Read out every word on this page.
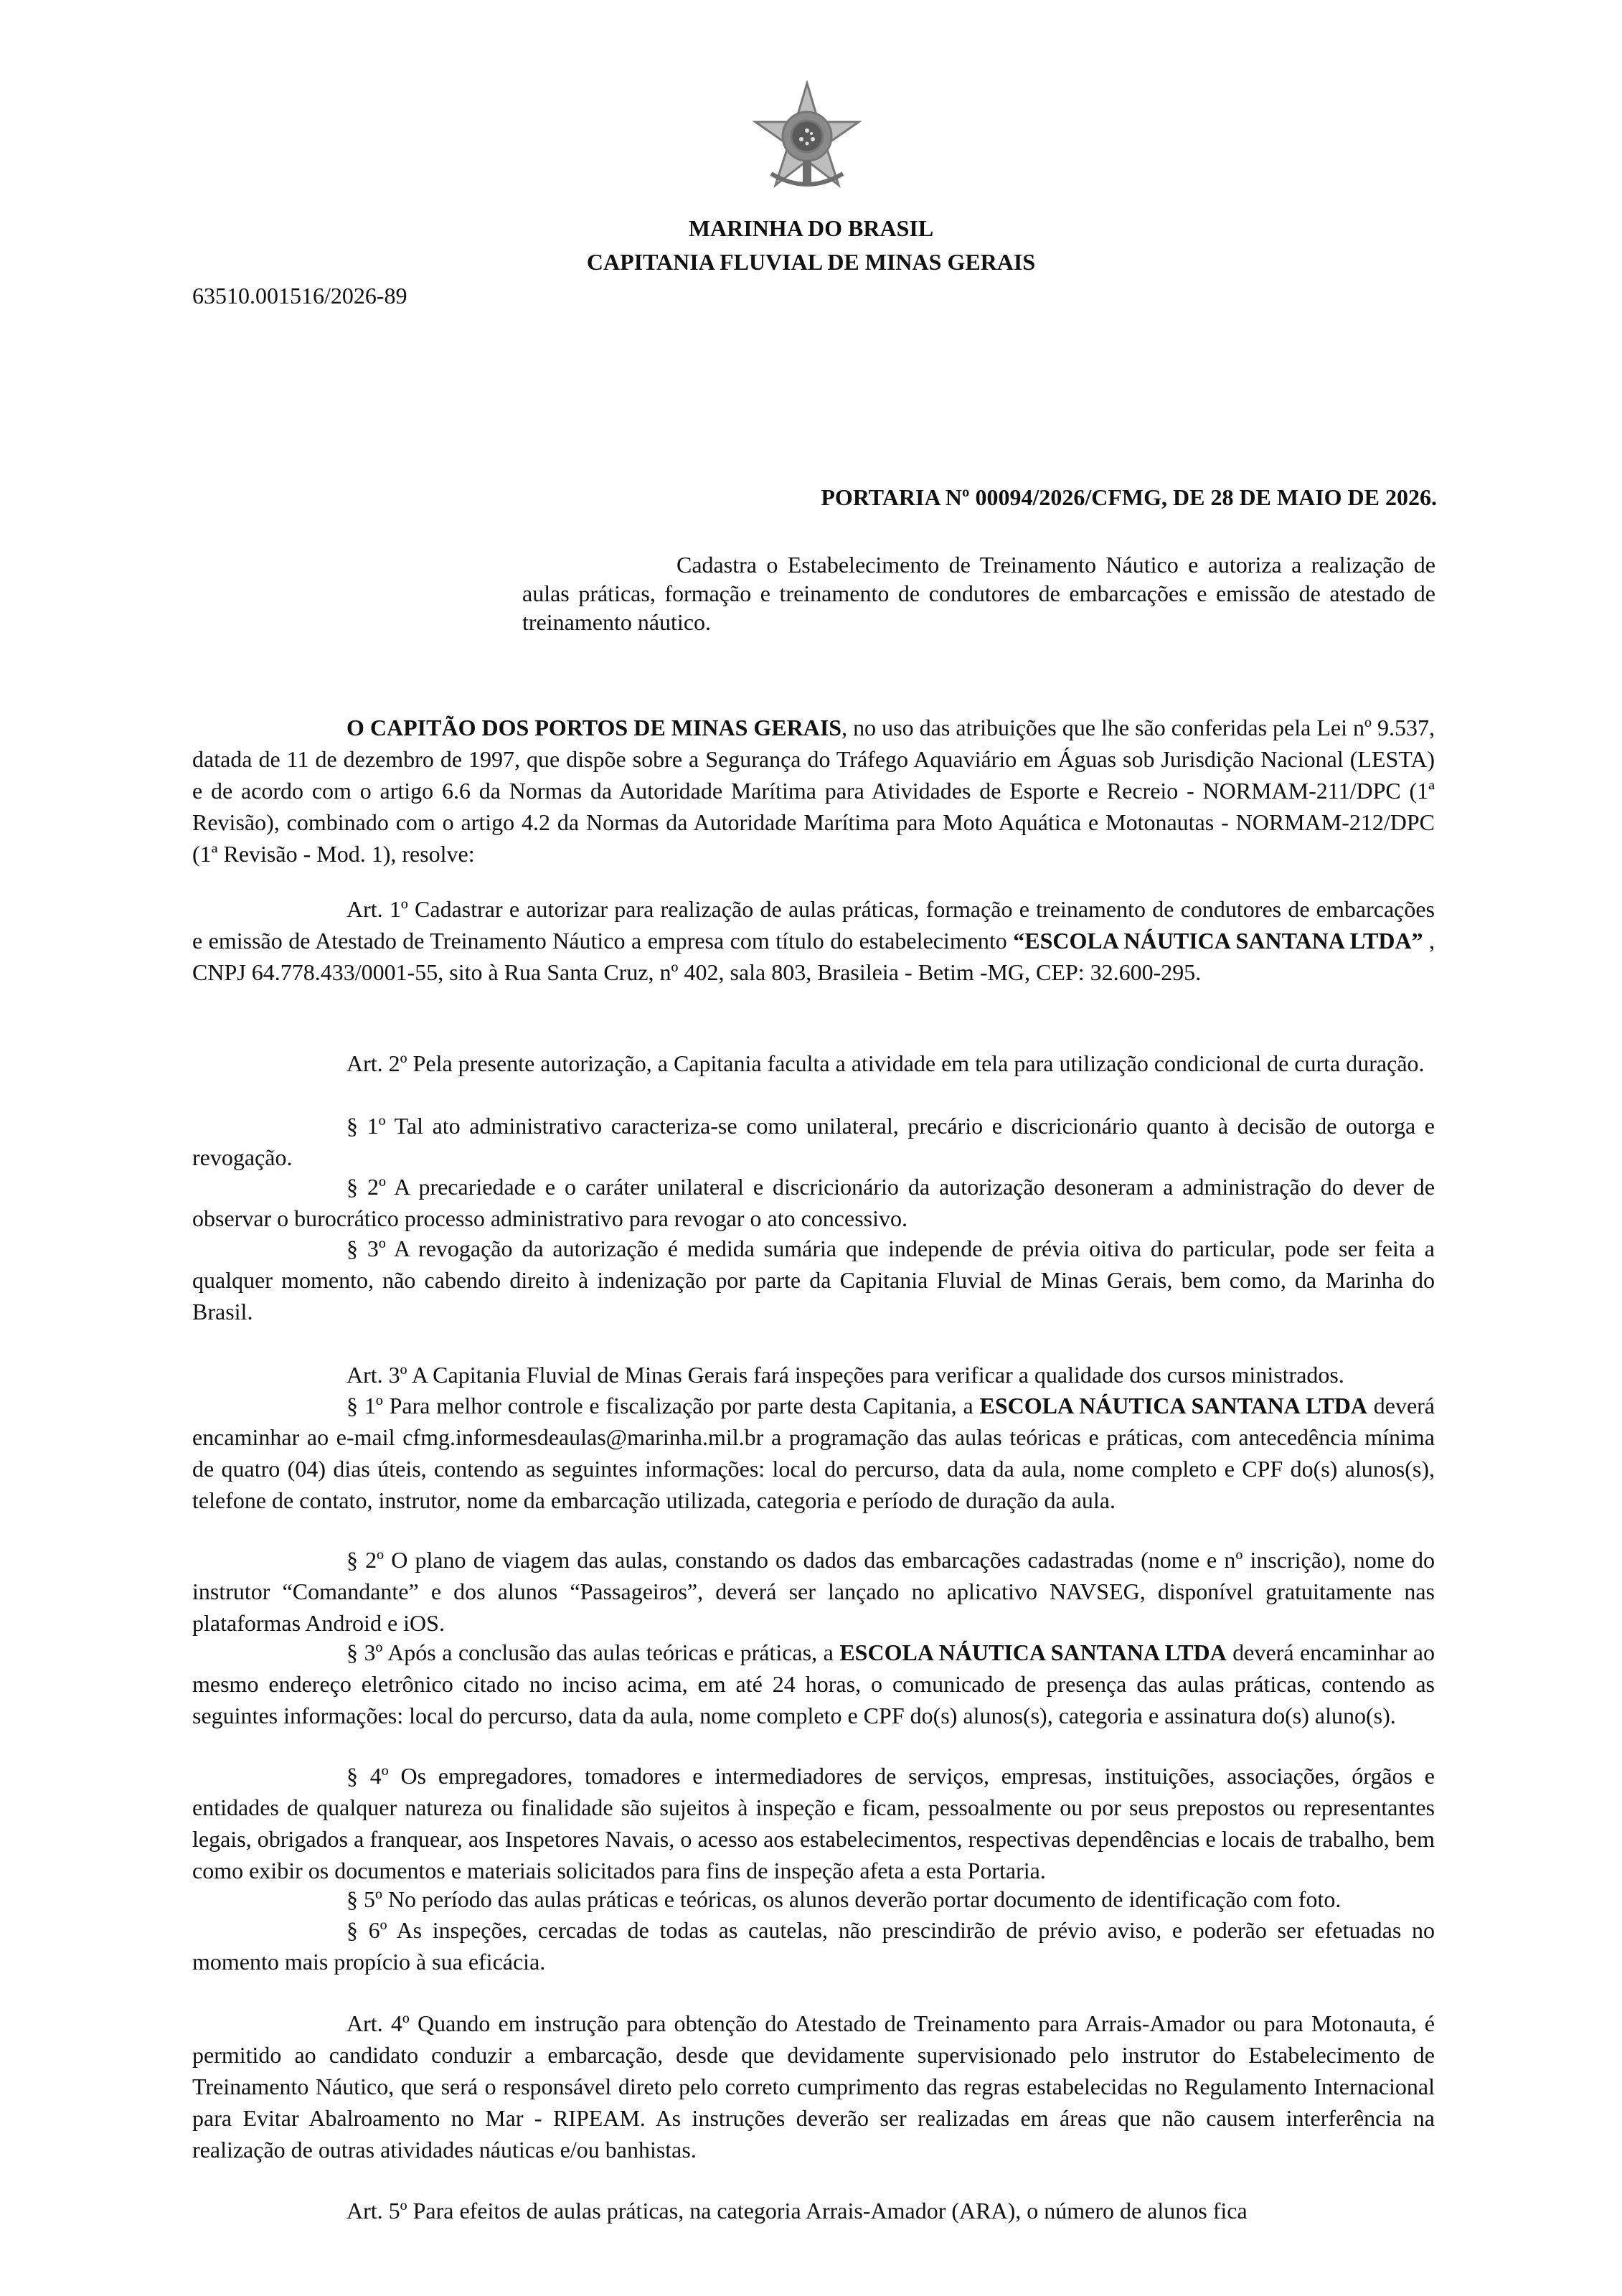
MARINHA DO BRASIL
CAPITANIA FLUVIAL DE MINAS GERAIS
63510.001516/2026-89
PORTARIA Nº 00094/2026/CFMG, DE 28 DE MAIO DE 2026.
Cadastra o Estabelecimento de Treinamento Náutico e autoriza a realização de aulas práticas, formação e treinamento de condutores de embarcações e emissão de atestado de treinamento náutico.
O CAPITÃO DOS PORTOS DE MINAS GERAIS, no uso das atribuições que lhe são conferidas pela Lei nº 9.537, datada de 11 de dezembro de 1997, que dispõe sobre a Segurança do Tráfego Aquaviário em Águas sob Jurisdição Nacional (LESTA) e de acordo com o artigo 6.6 da Normas da Autoridade Marítima para Atividades de Esporte e Recreio - NORMAM-211/DPC (1ª Revisão), combinado com o artigo 4.2 da Normas da Autoridade Marítima para Moto Aquática e Motonautas - NORMAM-212/DPC (1ª Revisão - Mod. 1), resolve:
Art. 1º Cadastrar e autorizar para realização de aulas práticas, formação e treinamento de condutores de embarcações e emissão de Atestado de Treinamento Náutico a empresa com título do estabelecimento “ESCOLA NÁUTICA SANTANA LTDA” , CNPJ 64.778.433/0001-55, sito à Rua Santa Cruz, nº 402, sala 803, Brasileia - Betim -MG, CEP: 32.600-295.
Art. 2º Pela presente autorização, a Capitania faculta a atividade em tela para utilização condicional de curta duração.
§ 1º Tal ato administrativo caracteriza-se como unilateral, precário e discricionário quanto à decisão de outorga e revogação.
§ 2º A precariedade e o caráter unilateral e discricionário da autorização desoneram a administração do dever de observar o burocrático processo administrativo para revogar o ato concessivo.
§ 3º A revogação da autorização é medida sumária que independe de prévia oitiva do particular, pode ser feita a qualquer momento, não cabendo direito à indenização por parte da Capitania Fluvial de Minas Gerais, bem como, da Marinha do Brasil.
Art. 3º A Capitania Fluvial de Minas Gerais fará inspeções para verificar a qualidade dos cursos ministrados.
§ 1º Para melhor controle e fiscalização por parte desta Capitania, a ESCOLA NÁUTICA SANTANA LTDA deverá encaminhar ao e-mail cfmg.informesdeaulas@marinha.mil.br a programação das aulas teóricas e práticas, com antecedência mínima de quatro (04) dias úteis, contendo as seguintes informações: local do percurso, data da aula, nome completo e CPF do(s) alunos(s), telefone de contato, instrutor, nome da embarcação utilizada, categoria e período de duração da aula.
§ 2º O plano de viagem das aulas, constando os dados das embarcações cadastradas (nome e nº inscrição), nome do instrutor “Comandante” e dos alunos “Passageiros”, deverá ser lançado no aplicativo NAVSEG, disponível gratuitamente nas plataformas Android e iOS.
§ 3º Após a conclusão das aulas teóricas e práticas, a ESCOLA NÁUTICA SANTANA LTDA deverá encaminhar ao mesmo endereço eletrônico citado no inciso acima, em até 24 horas, o comunicado de presença das aulas práticas, contendo as seguintes informações: local do percurso, data da aula, nome completo e CPF do(s) alunos(s), categoria e assinatura do(s) aluno(s).
§ 4º Os empregadores, tomadores e intermediadores de serviços, empresas, instituições, associações, órgãos e entidades de qualquer natureza ou finalidade são sujeitos à inspeção e ficam, pessoalmente ou por seus prepostos ou representantes legais, obrigados a franquear, aos Inspetores Navais, o acesso aos estabelecimentos, respectivas dependências e locais de trabalho, bem como exibir os documentos e materiais solicitados para fins de inspeção afeta a esta Portaria.
§ 5º No período das aulas práticas e teóricas, os alunos deverão portar documento de identificação com foto.
§ 6º As inspeções, cercadas de todas as cautelas, não prescindirão de prévio aviso, e poderão ser efetuadas no momento mais propício à sua eficácia.
Art. 4º Quando em instrução para obtenção do Atestado de Treinamento para Arrais-Amador ou para Motonauta, é permitido ao candidato conduzir a embarcação, desde que devidamente supervisionado pelo instrutor do Estabelecimento de Treinamento Náutico, que será o responsável direto pelo correto cumprimento das regras estabelecidas no Regulamento Internacional para Evitar Abalroamento no Mar - RIPEAM. As instruções deverão ser realizadas em áreas que não causem interferência na realização de outras atividades náuticas e/ou banhistas.
Art. 5º Para efeitos de aulas práticas, na categoria Arrais-Amador (ARA), o número de alunos fica
